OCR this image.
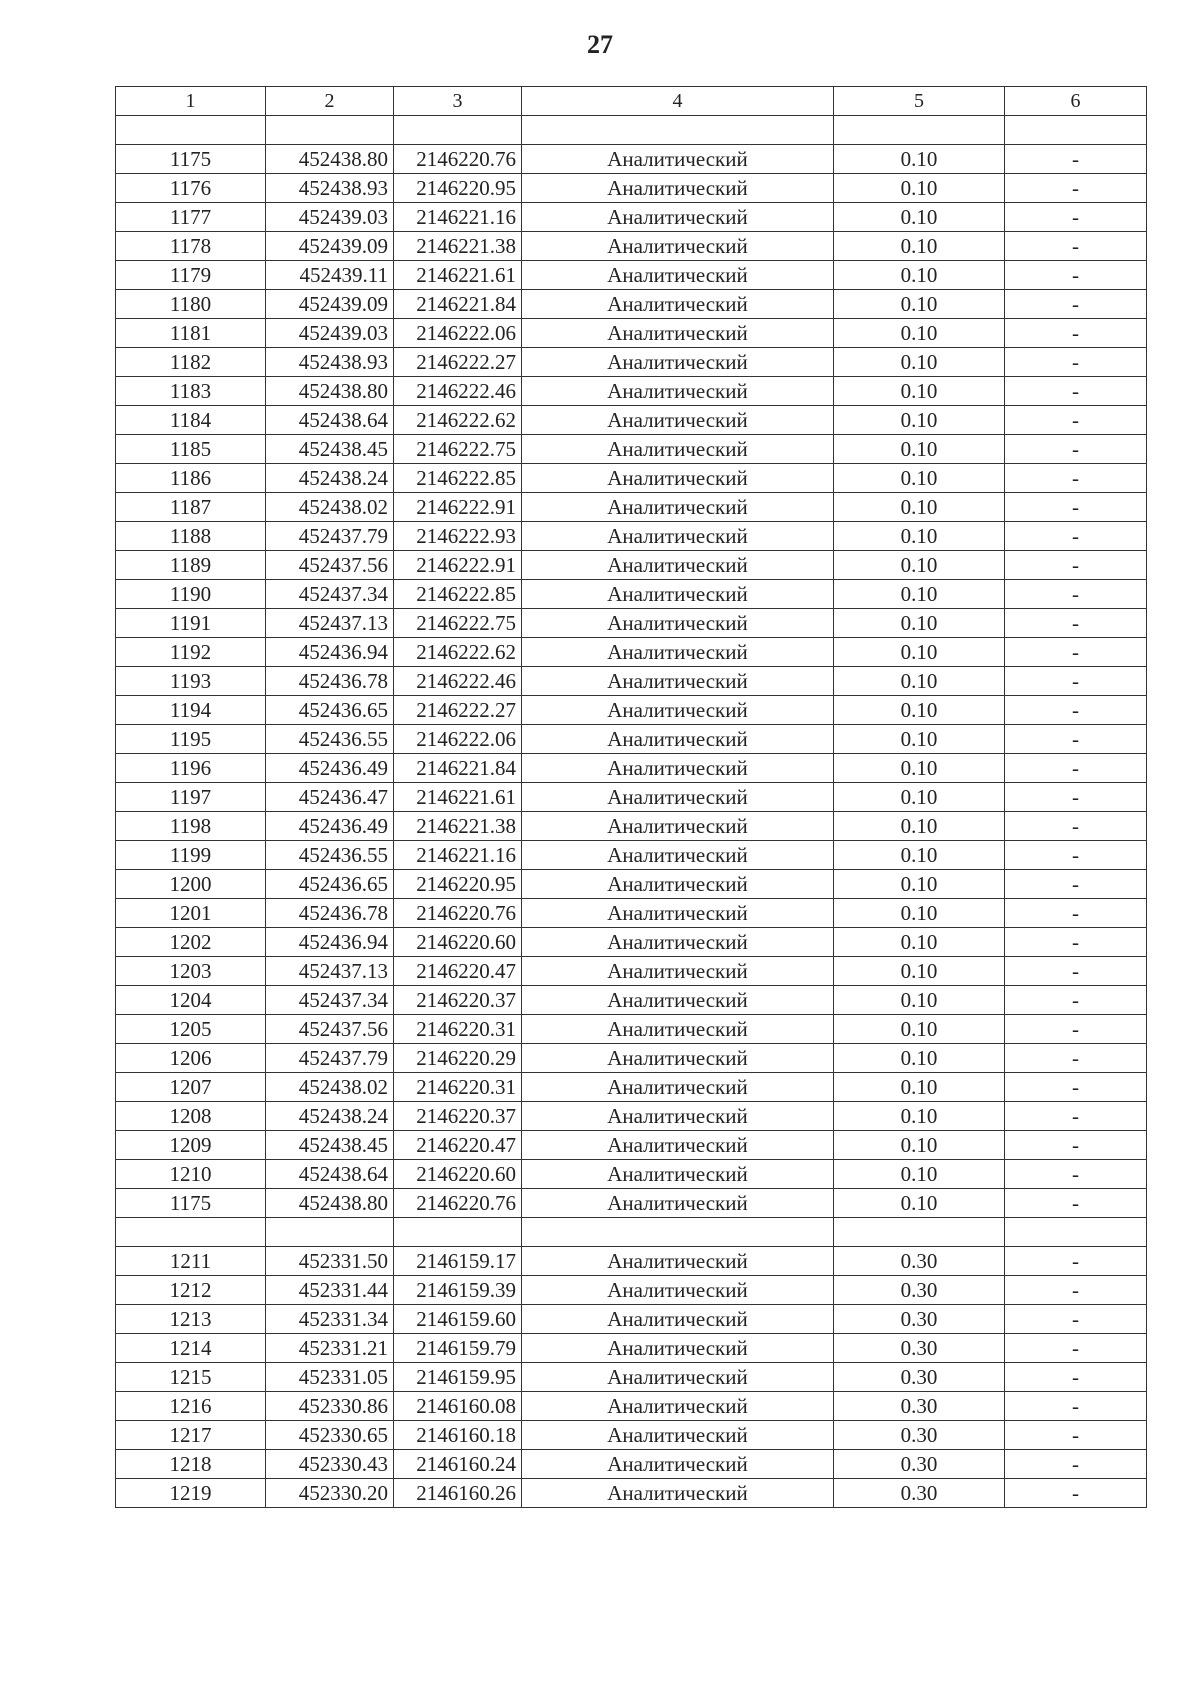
27
1	2	3	4	5	6

1175	452438.80	2146220.76	Аналитический	0.10	-
1176	452438.93	2146220.95	Аналитический	0.10	-
1177	452439.03	2146221.16	Аналитический	0.10	-
1178	452439.09	2146221.38	Аналитический	0.10	-
1179	452439.11	2146221.61	Аналитический	0.10	-
1180	452439.09	2146221.84	Аналитический	0.10	-
1181	452439.03	2146222.06	Аналитический	0.10	-
1182	452438.93	2146222.27	Аналитический	0.10	-
1183	452438.80	2146222.46	Аналитический	0.10	-
1184	452438.64	2146222.62	Аналитический	0.10	-
1185	452438.45	2146222.75	Аналитический	0.10	-
1186	452438.24	2146222.85	Аналитический	0.10	-
1187	452438.02	2146222.91	Аналитический	0.10	-
1188	452437.79	2146222.93	Аналитический	0.10	-
1189	452437.56	2146222.91	Аналитический	0.10	-
1190	452437.34	2146222.85	Аналитический	0.10	-
1191	452437.13	2146222.75	Аналитический	0.10	-
1192	452436.94	2146222.62	Аналитический	0.10	-
1193	452436.78	2146222.46	Аналитический	0.10	-
1194	452436.65	2146222.27	Аналитический	0.10	-
1195	452436.55	2146222.06	Аналитический	0.10	-
1196	452436.49	2146221.84	Аналитический	0.10	-
1197	452436.47	2146221.61	Аналитический	0.10	-
1198	452436.49	2146221.38	Аналитический	0.10	-
1199	452436.55	2146221.16	Аналитический	0.10	-
1200	452436.65	2146220.95	Аналитический	0.10	-
1201	452436.78	2146220.76	Аналитический	0.10	-
1202	452436.94	2146220.60	Аналитический	0.10	-
1203	452437.13	2146220.47	Аналитический	0.10	-
1204	452437.34	2146220.37	Аналитический	0.10	-
1205	452437.56	2146220.31	Аналитический	0.10	-
1206	452437.79	2146220.29	Аналитический	0.10	-
1207	452438.02	2146220.31	Аналитический	0.10	-
1208	452438.24	2146220.37	Аналитический	0.10	-
1209	452438.45	2146220.47	Аналитический	0.10	-
1210	452438.64	2146220.60	Аналитический	0.10	-
1175	452438.80	2146220.76	Аналитический	0.10	-

1211	452331.50	2146159.17	Аналитический	0.30	-
1212	452331.44	2146159.39	Аналитический	0.30	-
1213	452331.34	2146159.60	Аналитический	0.30	-
1214	452331.21	2146159.79	Аналитический	0.30	-
1215	452331.05	2146159.95	Аналитический	0.30	-
1216	452330.86	2146160.08	Аналитический	0.30	-
1217	452330.65	2146160.18	Аналитический	0.30	-
1218	452330.43	2146160.24	Аналитический	0.30	-
1219	452330.20	2146160.26	Аналитический	0.30	-
